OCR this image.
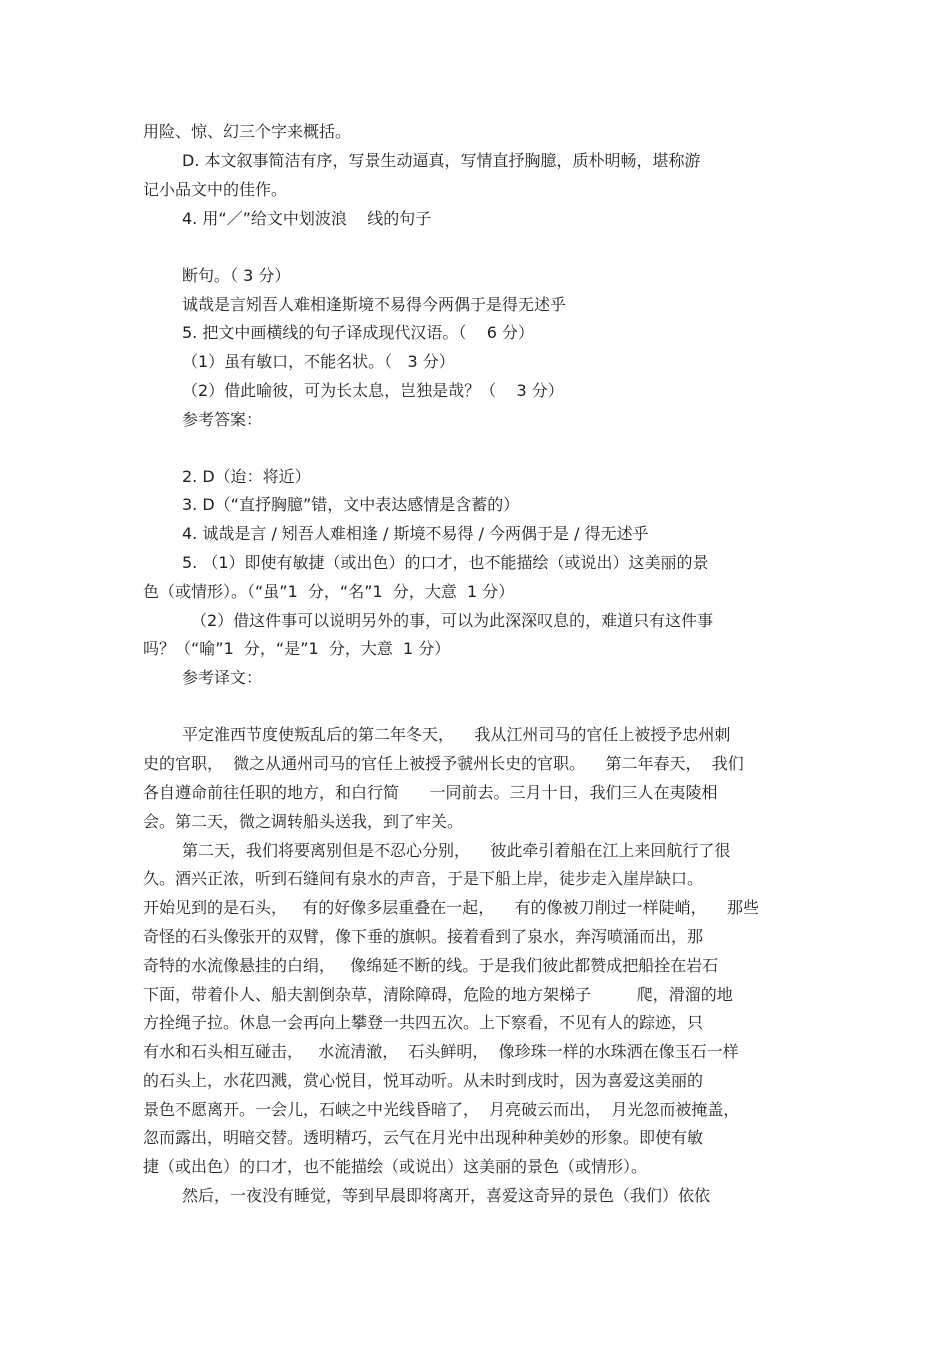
用险、惊、幻三个字来概括。
D. 本文叙事简洁有序，写景生动逼真，写情直抒胸臆，质朴明畅，堪称游
记小品文中的佳作。
4. 用“／”给文中划波浪    线的句子
断句。（ 3 分）
诚哉是言矧吾人难相逢斯境不易得今两偶于是得无述乎
5. 把文中画横线的句子译成现代汉语。（    6 分）
（1）虽有敏口，不能名状。（   3 分）
（2）借此喻彼，可为长太息，岂独是哉？（    3 分）
参考答案：
2. D（迨：将近）
3. D（“直抒胸臆”错，文中表达感情是含蓄的）
4. 诚哉是言 / 矧吾人难相逢 / 斯境不易得 / 今两偶于是 / 得无述乎
5. （1）即使有敏捷（或出色）的口才，也不能描绘（或说出）这美丽的景
色（或情形）。（“虽”1  分，“名”1  分，大意  1 分）
（2）借这件事可以说明另外的事，可以为此深深叹息的，难道只有这件事
吗？（“喻”1  分，“是”1  分，大意  1 分）
参考译文：
平定淮西节度使叛乱后的第二年冬天，    我从江州司马的官任上被授予忠州刺
史的官职，  微之从通州司马的官任上被授予虢州长史的官职。    第二年春天，  我们
各自遵命前往任职的地方，和白行简      一同前去。三月十日，我们三人在夷陵相
会。第二天，微之调转船头送我，到了牢关。
第二天，我们将要离别但是不忍心分别，    彼此牵引着船在江上来回航行了很
久。酒兴正浓，听到石缝间有泉水的声音，于是下船上岸，徒步走入崖岸缺口。
开始见到的是石头，   有的好像多层重叠在一起，    有的像被刀削过一样陡峭，    那些
奇怪的石头像张开的双臂，像下垂的旗帜。接着看到了泉水，奔泻喷涌而出，那
奇特的水流像悬挂的白绢，   像绵延不断的线。于是我们彼此都赞成把船拴在岩石
下面，带着仆人、船夫割倒杂草，清除障碍，危险的地方架梯子         爬，滑溜的地
方拴绳子拉。休息一会再向上攀登一共四五次。上下察看，不见有人的踪迹，只
有水和石头相互碰击，   水流清澈，  石头鲜明，  像珍珠一样的水珠洒在像玉石一样
的石头上，水花四溅，赏心悦目，悦耳动听。从未时到戌时，因为喜爱这美丽的
景色不愿离开。一会儿，石峡之中光线昏暗了，  月亮破云而出，  月光忽而被掩盖，
忽而露出，明暗交替。透明精巧，云气在月光中出现种种美妙的形象。即使有敏
捷（或出色）的口才，也不能描绘（或说出）这美丽的景色（或情形）。
然后，一夜没有睡觉，等到早晨即将离开，喜爱这奇异的景色（我们）依依
